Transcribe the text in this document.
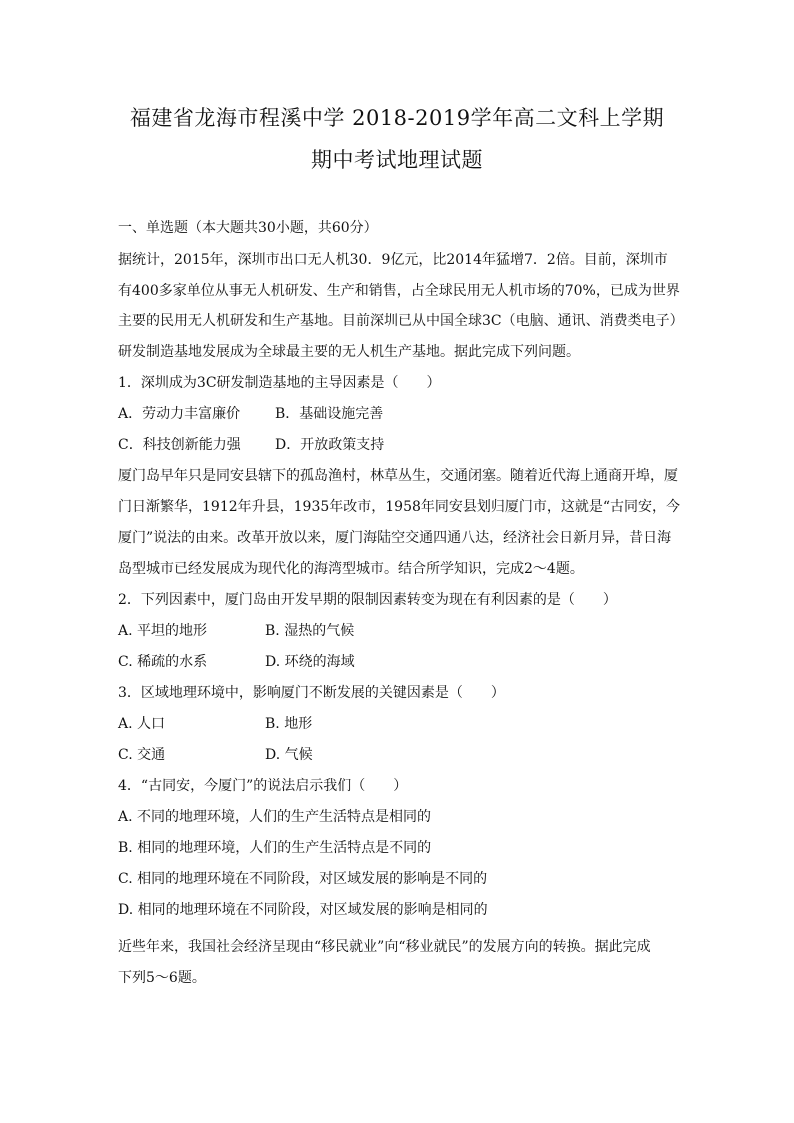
福建省龙海市程溪中学 2018-2019学年高二文科上学期
期中考试地理试题
一、单选题（本大题共30小题，共60分）
据统计，2015年，深圳市出口无人机30．9亿元，比2014年猛增7．2倍。目前，深圳市
有400多家单位从事无人机研发、生产和销售，占全球民用无人机市场的70%，已成为世界
主要的民用无人机研发和生产基地。目前深圳已从中国全球3C（电脑、通讯、消费类电子）
研发制造基地发展成为全球最主要的无人机生产基地。据此完成下列问题。
1．深圳成为3C研发制造基地的主导因素是（　　）
A．劳动力丰富廉价 B．基础设施完善
C．科技创新能力强 D．开放政策支持
厦门岛早年只是同安县辖下的孤岛渔村，林草丛生，交通闭塞。随着近代海上通商开埠，厦
门日渐繁华，1912年升县，1935年改市，1958年同安县划归厦门市，这就是“古同安，今
厦门”说法的由来。改革开放以来，厦门海陆空交通四通八达，经济社会日新月异，昔日海
岛型城市已经发展成为现代化的海湾型城市。结合所学知识，完成2～4题。
2．下列因素中，厦门岛由开发早期的限制因素转变为现在有利因素的是（　　）
A. 平坦的地形	B. 湿热的气候
C. 稀疏的水系	D. 环绕的海域
3．区域地理环境中，影响厦门不断发展的关键因素是（　　）
A. 人口	B. 地形
C. 交通	D. 气候
4．“古同安，今厦门”的说法启示我们（　　）
A. 不同的地理环境，人们的生产生活特点是相同的
B. 相同的地理环境，人们的生产生活特点是不同的
C. 相同的地理环境在不同阶段，对区域发展的影响是不同的
D. 相同的地理环境在不同阶段，对区域发展的影响是相同的
近些年来，我国社会经济呈现由“移民就业”向“移业就民”的发展方向的转换。据此完成
下列5～6题。
